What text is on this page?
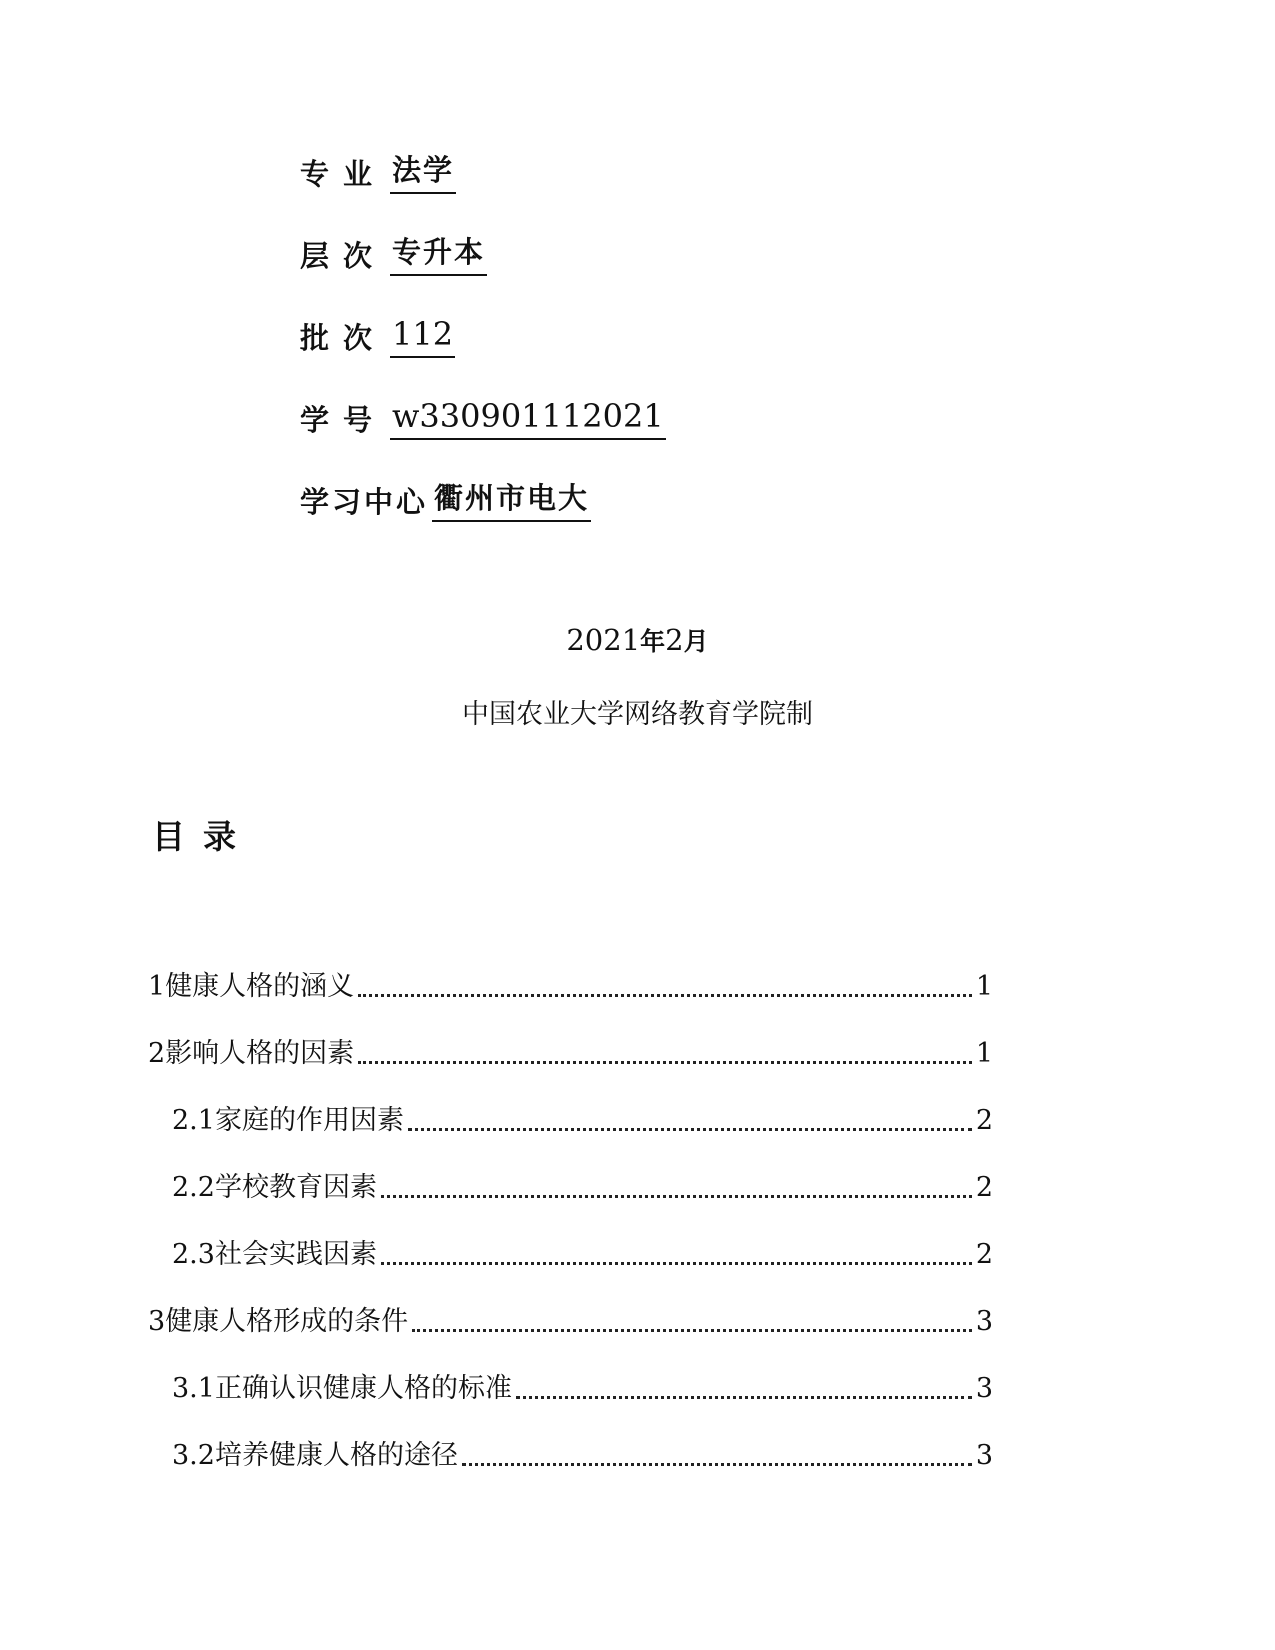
专业 法学
层次 专升本
批次 112
学号 w330901112021
学习中心 衢州市电大
2021年2月
中国农业大学网络教育学院制
目录
1 健康人格的涵义	1
2 影响人格的因素	1
2.1 家庭的作用因素	2
2.2 学校教育因素	2
2.3 社会实践因素	2
3 健康人格形成的条件	3
3.1 正确认识健康人格的标准	3
3.2 培养健康人格的途径	3
